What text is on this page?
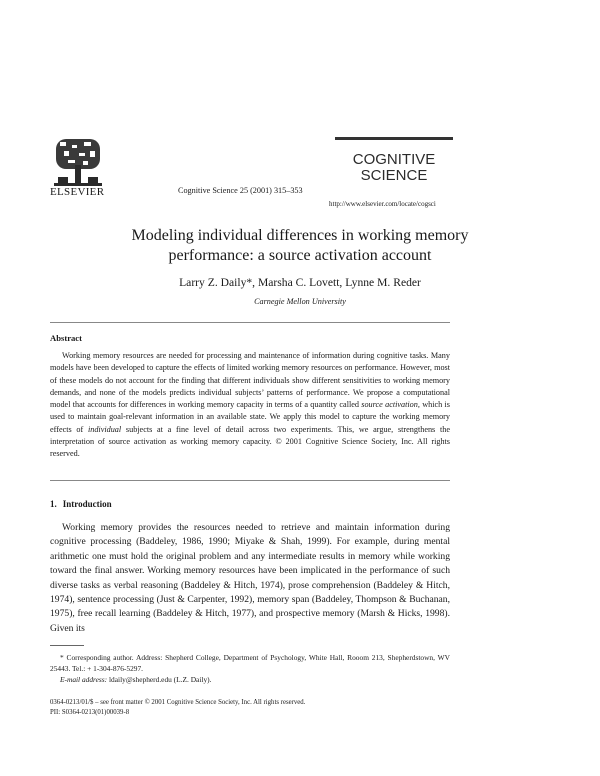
ELSEVIER	Cognitive Science 25 (2001) 315–353
COGNITIVE
SCIENCE
http://www.elsevier.com/locate/cogsci
Modeling individual differences in working memory
performance: a source activation account
Larry Z. Daily*, Marsha C. Lovett, Lynne M. Reder
Carnegie Mellon University
Abstract
Working memory resources are needed for processing and maintenance of information during cognitive tasks. Many models have been developed to capture the effects of limited working memory resources on performance. However, most of these models do not account for the finding that different individuals show different sensitivities to working memory demands, and none of the models predicts individual subjects’ patterns of performance. We propose a computational model that accounts for differences in working memory capacity in terms of a quantity called source activation, which is used to maintain goal-relevant information in an available state. We apply this model to capture the working memory effects of individual subjects at a fine level of detail across two experiments. This, we argue, strengthens the interpretation of source activation as working memory capacity. © 2001 Cognitive Science Society, Inc. All rights reserved.
1. Introduction
Working memory provides the resources needed to retrieve and maintain information during cognitive processing (Baddeley, 1986, 1990; Miyake & Shah, 1999). For example, during mental arithmetic one must hold the original problem and any intermediate results in memory while working toward the final answer. Working memory resources have been implicated in the performance of such diverse tasks as verbal reasoning (Baddeley & Hitch, 1974), prose comprehension (Baddeley & Hitch, 1974), sentence processing (Just & Carpenter, 1992), memory span (Baddeley, Thompson & Buchanan, 1975), free recall learning (Baddeley & Hitch, 1977), and prospective memory (Marsh & Hicks, 1998). Given its
* Corresponding author. Address: Shepherd College, Department of Psychology, White Hall, Rooom 213, Shepherdstown, WV 25443. Tel.: + 1-304-876-5297.
E-mail address: ldaily@shepherd.edu (L.Z. Daily).
0364-0213/01/$ – see front matter © 2001 Cognitive Science Society, Inc. All rights reserved.
PII: S0364-0213(01)00039-8
